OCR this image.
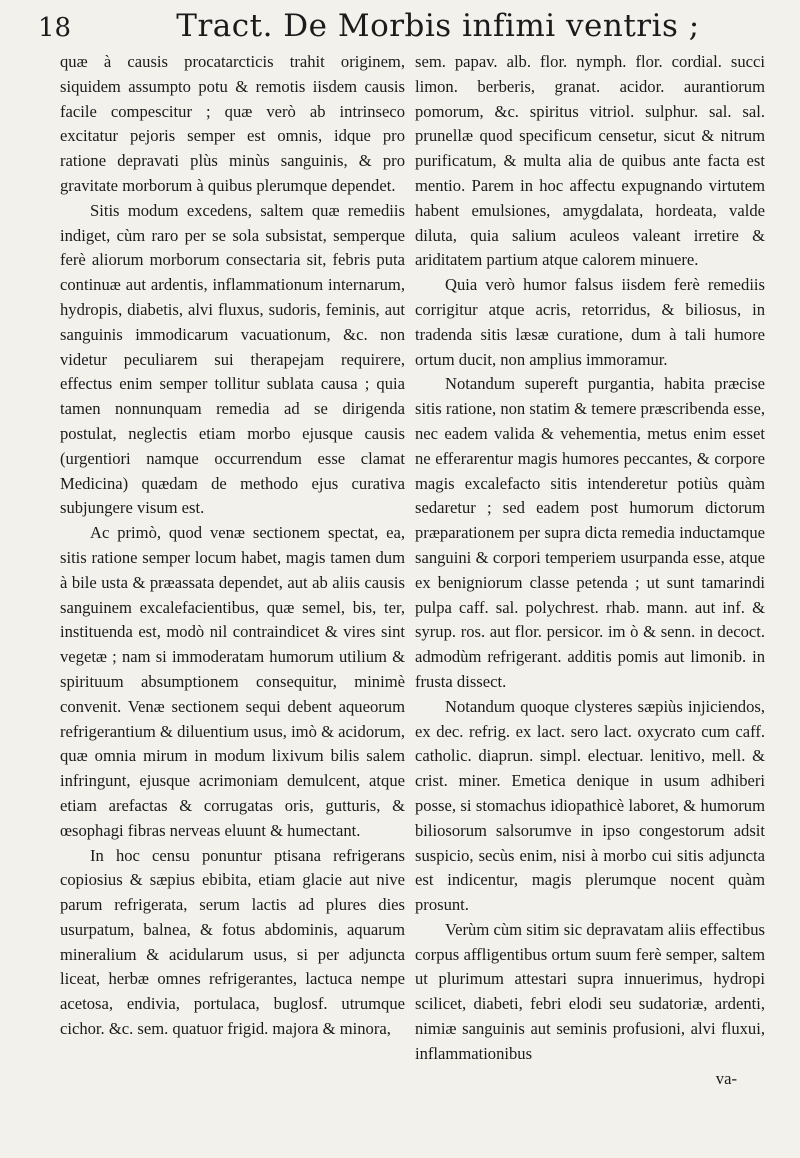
18	Tract. De Morbis infimi ventris ;

quæ à causis procatarcticis trahit originem, siquidem assumpto potu & remotis iisdem causis facile compescitur ; quæ verò ab intrinseco excitatur pejoris semper est omnis, idque pro ratione depravati plùs minùs sanguinis, & pro gravitate morborum à quibus plerumque dependet.

Sitis modum excedens, saltem quæ remediis indiget, cùm raro per se sola subsistat, semperque ferè aliorum morborum consectaria sit, febris puta continuæ aut ardentis, inflammationum internarum, hydropis, diabetis, alvi fluxus, sudoris, feminis, aut sanguinis immodicarum vacuationum, &c. non videtur peculiarem sui therapejam requirere, effectus enim semper tollitur sublata causa ; quia tamen nonnunquam remedia ad se dirigenda postulat, neglectis etiam morbo ejusque causis (urgentiori namque occurrendum esse clamat Medicina) quædam de methodo ejus curativa subjungere visum est.

Ac primò, quod venæ sectionem spectat, ea, sitis ratione semper locum habet, magis tamen dum à bile usta & præassata dependet, aut ab aliis causis sanguinem excalefacientibus, quæ semel, bis, ter, instituenda est, modò nil contraindicet & vires sint vegetæ ; nam si immoderatam humorum utilium & spirituum absumptionem consequitur, minimè convenit. Venæ sectionem sequi debent aqueorum refrigerantium & diluentium usus, imò & acidorum, quæ omnia mirum in modum lixivum bilis salem infringunt, ejusque acrimoniam demulcent, atque etiam arefactas & corrugatas oris, gutturis, & œsophagi fibras nerveas eluunt & humectant.

In hoc censu ponuntur ptisana refrigerans copiosius & sæpius ebibita, etiam glacie aut nive parum refrigerata, serum lactis ad plures dies usurpatum, balnea, & fotus abdominis, aquarum mineralium & acidularum usus, si per adjuncta liceat, herbæ omnes refrigerantes, lactuca nempe acetosa, endivia, portulaca, buglosf. utrumque cichor. &c. sem. quatuor frigid. majora & minora,

sem. papav. alb. flor. nymph. flor. cordial. succi limon. berberis, granat. acidor. aurantiorum pomorum, &c. spiritus vitriol. sulphur. sal. sal. prunellæ quod specificum censetur, sicut & nitrum purificatum, & multa alia de quibus ante facta est mentio. Parem in hoc affectu expugnando virtutem habent emulsiones, amygdalata, hordeata, valde diluta, quia salium aculeos valeant irretire & ariditatem partium atque calorem minuere.

Quia verò humor falsus iisdem ferè remediis corrigitur atque acris, retorridus, & biliosus, in tradenda sitis læsæ curatione, dum à tali humore ortum ducit, non amplius immoramur.

Notandum supereft purgantia, habita præcise sitis ratione, non statim & temere præscribenda esse, nec eadem valida & vehementia, metus enim esset ne efferarentur magis humores peccantes, & corpore magis excalefacto sitis intenderetur potiùs quàm sedaretur ; sed eadem post humorum dictorum præparationem per supra dicta remedia inductamque sanguini & corpori temperiem usurpanda esse, atque ex benigniorum classe petenda ; ut sunt tamarindi pulpa caff. sal. polychrest. rhab. mann. aut inf. & syrup. ros. aut flor. persicor. im ò & senn. in decoct. admodùm refrigerant. additis pomis aut limonib. in frusta dissect.

Notandum quoque clysteres sæpiùs injiciendos, ex dec. refrig. ex lact. sero lact. oxycrato cum caff. catholic. diaprun. simpl. electuar. lenitivo, mell. & crist. miner. Emetica denique in usum adhiberi posse, si stomachus idiopathicè laboret, & humorum biliosorum salsorumve in ipso congestorum adsit suspicio, secùs enim, nisi à morbo cui sitis adjuncta est indicentur, magis plerumque nocent quàm prosunt.

Verùm cùm sitim sic depravatam aliis effectibus corpus affligentibus ortum suum ferè semper, saltem ut plurimum attestari supra innuerimus, hydropi scilicet, diabeti, febri elodi seu sudatoriæ, ardenti, nimiæ sanguinis aut seminis profusioni, alvi fluxui, inflammationibus

va-
